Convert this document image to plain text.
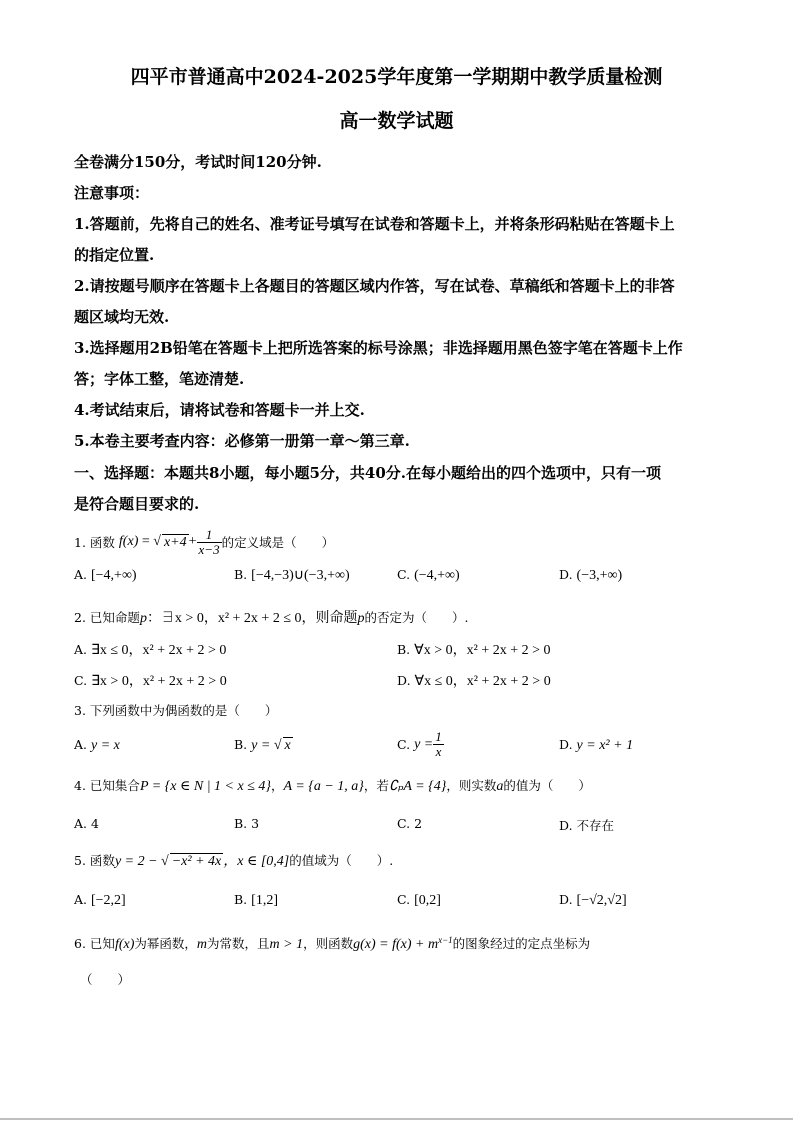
四平市普通高中2024-2025学年度第一学期期中教学质量检测
高一数学试题
全卷满分150分，考试时间120分钟.
注意事项：
1.答题前，先将自己的姓名、准考证号填写在试卷和答题卡上，并将条形码粘贴在答题卡上
的指定位置.
2.请按题号顺序在答题卡上各题目的答题区域内作答，写在试卷、草稿纸和答题卡上的非答
题区域均无效.
3.选择题用2B铅笔在答题卡上把所选答案的标号涂黑；非选择题用黑色签字笔在答题卡上作
答；字体工整，笔迹清楚.
4.考试结束后，请将试卷和答题卡一并上交.
5.本卷主要考查内容：必修第一册第一章～第三章.
一、选择题：本题共8小题，每小题5分，共40分.在每小题给出的四个选项中，只有一项
是符合题目要求的.
1.
函数
f(x) = √ $x+4 + \frac{1}{x-3}$ 的定义域是（　　）
A. [−4,+∞)	B. [−4,−3)∪(−3,+∞)	C. (−4,+∞)	D. (−3,+∞)
2. 已知命题p：∃x > 0，x² + 2x + 2 ≤ 0，则命题p的否定为（　　）.
A. ∃x ≤ 0，x² + 2x + 2 > 0	B. ∀x > 0，x² + 2x + 2 > 0
C. ∃x > 0，x² + 2x + 2 > 0	D. ∀x ≤ 0，x² + 2x + 2 > 0
3. 下列函数中为偶函数的是（　　）
A. y = x	B. y = √ x	C.
$y = \frac{1}{x}$	D. y = x² + 1
4. 已知集合P = {x ∈ N | 1 < x ≤ 4}，A = {a − 1, a}，若∁ₚA = {4}，则实数a的值为（　　）
A. 4	B. 3	C. 2	D. 不存在
5. 函数y = 2 − √ −x² + 4x ，x ∈ [0,4]的值域为（　　）.
A. [−2,2]	B. [1,2]	C. [0,2]	D. [−√2,√2]
6. 已知f(x)为幂函数，m为常数，且m > 1，则函数$g(x) = f(x) + m^{x-1}$的图象经过的定点坐标为
（　　）
